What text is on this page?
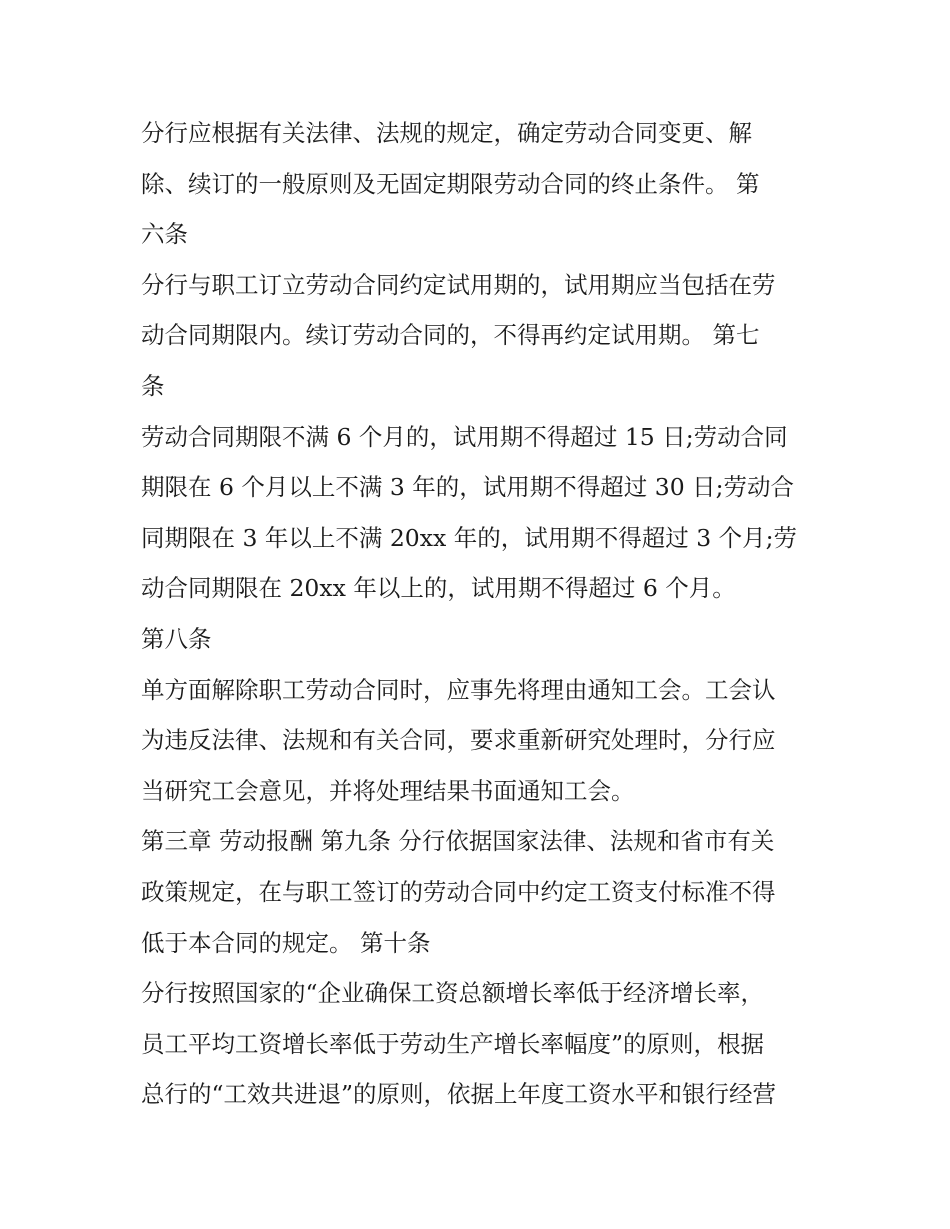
分行应根据有关法律、法规的规定，确定劳动合同变更、解
除、续订的一般原则及无固定期限劳动合同的终止条件。 第
六条
分行与职工订立劳动合同约定试用期的，试用期应当包括在劳
动合同期限内。续订劳动合同的，不得再约定试用期。 第七
条
劳动合同期限不满 6 个月的，试用期不得超过 15 日;劳动合同
期限在 6 个月以上不满 3 年的，试用期不得超过 30 日;劳动合
同期限在 3 年以上不满 20xx 年的，试用期不得超过 3 个月;劳
动合同期限在 20xx 年以上的，试用期不得超过 6 个月。
第八条
单方面解除职工劳动合同时，应事先将理由通知工会。工会认
为违反法律、法规和有关合同，要求重新研究处理时，分行应
当研究工会意见，并将处理结果书面通知工会。
第三章 劳动报酬 第九条 分行依据国家法律、法规和省市有关
政策规定，在与职工签订的劳动合同中约定工资支付标准不得
低于本合同的规定。 第十条
分行按照国家的“企业确保工资总额增长率低于经济增长率，
员工平均工资增长率低于劳动生产增长率幅度”的原则，根据
总行的“工效共进退”的原则，依据上年度工资水平和银行经营
